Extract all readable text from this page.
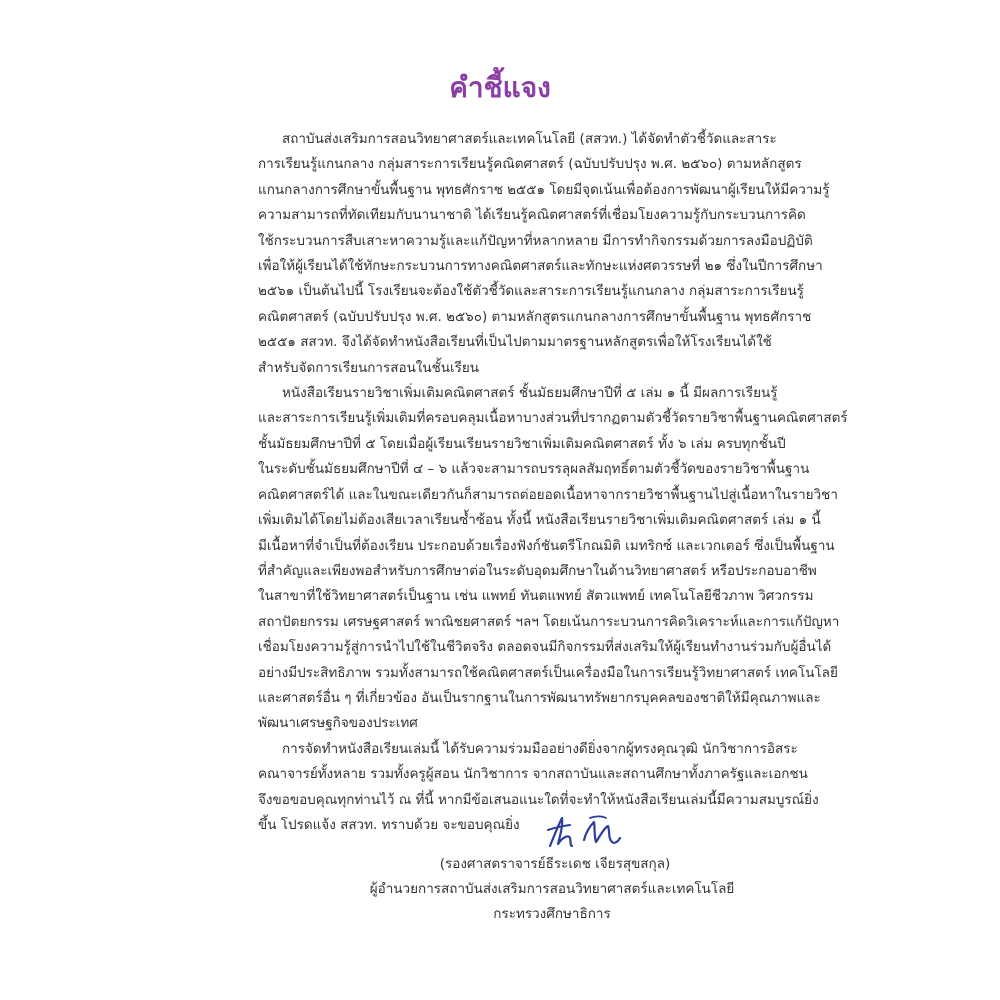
คำชี้แจง
สถาบันส่งเสริมการสอนวิทยาศาสตร์และเทคโนโลยี (สสวท.) ได้จัดทำตัวชี้วัดและสาระ
การเรียนรู้แกนกลาง กลุ่มสาระการเรียนรู้คณิตศาสตร์ (ฉบับปรับปรุง พ.ศ. ๒๕๖๐) ตามหลักสูตร
แกนกลางการศึกษาขั้นพื้นฐาน พุทธศักราช ๒๕๕๑ โดยมีจุดเน้นเพื่อต้องการพัฒนาผู้เรียนให้มีความรู้
ความสามารถที่ทัดเทียมกับนานาชาติ ได้เรียนรู้คณิตศาสตร์ที่เชื่อมโยงความรู้กับกระบวนการคิด
ใช้กระบวนการสืบเสาะหาความรู้และแก้ปัญหาที่หลากหลาย มีการทำกิจกรรมด้วยการลงมือปฏิบัติ
เพื่อให้ผู้เรียนได้ใช้ทักษะกระบวนการทางคณิตศาสตร์และทักษะแห่งศตวรรษที่ ๒๑ ซึ่งในปีการศึกษา
๒๕๖๑ เป็นต้นไปนี้ โรงเรียนจะต้องใช้ตัวชี้วัดและสาระการเรียนรู้แกนกลาง กลุ่มสาระการเรียนรู้
คณิตศาสตร์ (ฉบับปรับปรุง พ.ศ. ๒๕๖๐) ตามหลักสูตรแกนกลางการศึกษาขั้นพื้นฐาน พุทธศักราช
๒๕๕๑ สสวท. จึงได้จัดทำหนังสือเรียนที่เป็นไปตามมาตรฐานหลักสูตรเพื่อให้โรงเรียนได้ใช้
สำหรับจัดการเรียนการสอนในชั้นเรียน
หนังสือเรียนรายวิชาเพิ่มเติมคณิตศาสตร์ ชั้นมัธยมศึกษาปีที่ ๕ เล่ม ๑ นี้ มีผลการเรียนรู้
และสาระการเรียนรู้เพิ่มเติมที่ครอบคลุมเนื้อหาบางส่วนที่ปรากฏตามตัวชี้วัดรายวิชาพื้นฐานคณิตศาสตร์
ชั้นมัธยมศึกษาปีที่ ๕ โดยเมื่อผู้เรียนเรียนรายวิชาเพิ่มเติมคณิตศาสตร์ ทั้ง ๖ เล่ม ครบทุกชั้นปี
ในระดับชั้นมัธยมศึกษาปีที่ ๔ – ๖ แล้วจะสามารถบรรลุผลสัมฤทธิ์ตามตัวชี้วัดของรายวิชาพื้นฐาน
คณิตศาสตร์ได้ และในขณะเดียวกันก็สามารถต่อยอดเนื้อหาจากรายวิชาพื้นฐานไปสู่เนื้อหาในรายวิชา
เพิ่มเติมได้โดยไม่ต้องเสียเวลาเรียนซ้ำซ้อน ทั้งนี้ หนังสือเรียนรายวิชาเพิ่มเติมคณิตศาสตร์ เล่ม ๑ นี้
มีเนื้อหาที่จำเป็นที่ต้องเรียน ประกอบด้วยเรื่องฟังก์ชันตรีโกณมิติ เมทริกซ์ และเวกเตอร์ ซึ่งเป็นพื้นฐาน
ที่สำคัญและเพียงพอสำหรับการศึกษาต่อในระดับอุดมศึกษาในด้านวิทยาศาสตร์ หรือประกอบอาชีพ
ในสาขาที่ใช้วิทยาศาสตร์เป็นฐาน เช่น แพทย์ ทันตแพทย์ สัตวแพทย์ เทคโนโลยีชีวภาพ วิศวกรรม
สถาปัตยกรรม เศรษฐศาสตร์ พาณิชยศาสตร์ ฯลฯ โดยเน้นการะบวนการคิดวิเคราะห์และการแก้ปัญหา
เชื่อมโยงความรู้สู่การนำไปใช้ในชีวิตจริง ตลอดจนมีกิจกรรมที่ส่งเสริมให้ผู้เรียนทำงานร่วมกับผู้อื่นได้
อย่างมีประสิทธิภาพ รวมทั้งสามารถใช้คณิตศาสตร์เป็นเครื่องมือในการเรียนรู้วิทยาศาสตร์ เทคโนโลยี
และศาสตร์อื่น ๆ ที่เกี่ยวข้อง อันเป็นรากฐานในการพัฒนาทรัพยากรบุคคลของชาติให้มีคุณภาพและ
พัฒนาเศรษฐกิจของประเทศ
การจัดทำหนังสือเรียนเล่มนี้ ได้รับความร่วมมืออย่างดียิ่งจากผู้ทรงคุณวุฒิ นักวิชาการอิสระ
คณาจารย์ทั้งหลาย รวมทั้งครูผู้สอน นักวิชาการ จากสถาบันและสถานศึกษาทั้งภาครัฐและเอกชน
จึงขอขอบคุณทุกท่านไว้ ณ ที่นี้ หากมีข้อเสนอแนะใดที่จะทำให้หนังสือเรียนเล่มนี้มีความสมบูรณ์ยิ่ง
ขึ้น โปรดแจ้ง สสวท. ทราบด้วย จะขอบคุณยิ่ง
(รองศาสตราจารย์ธีระเดช เจียรสุขสกุล)
ผู้อำนวยการสถาบันส่งเสริมการสอนวิทยาศาสตร์และเทคโนโลยี
กระทรวงศึกษาธิการ
